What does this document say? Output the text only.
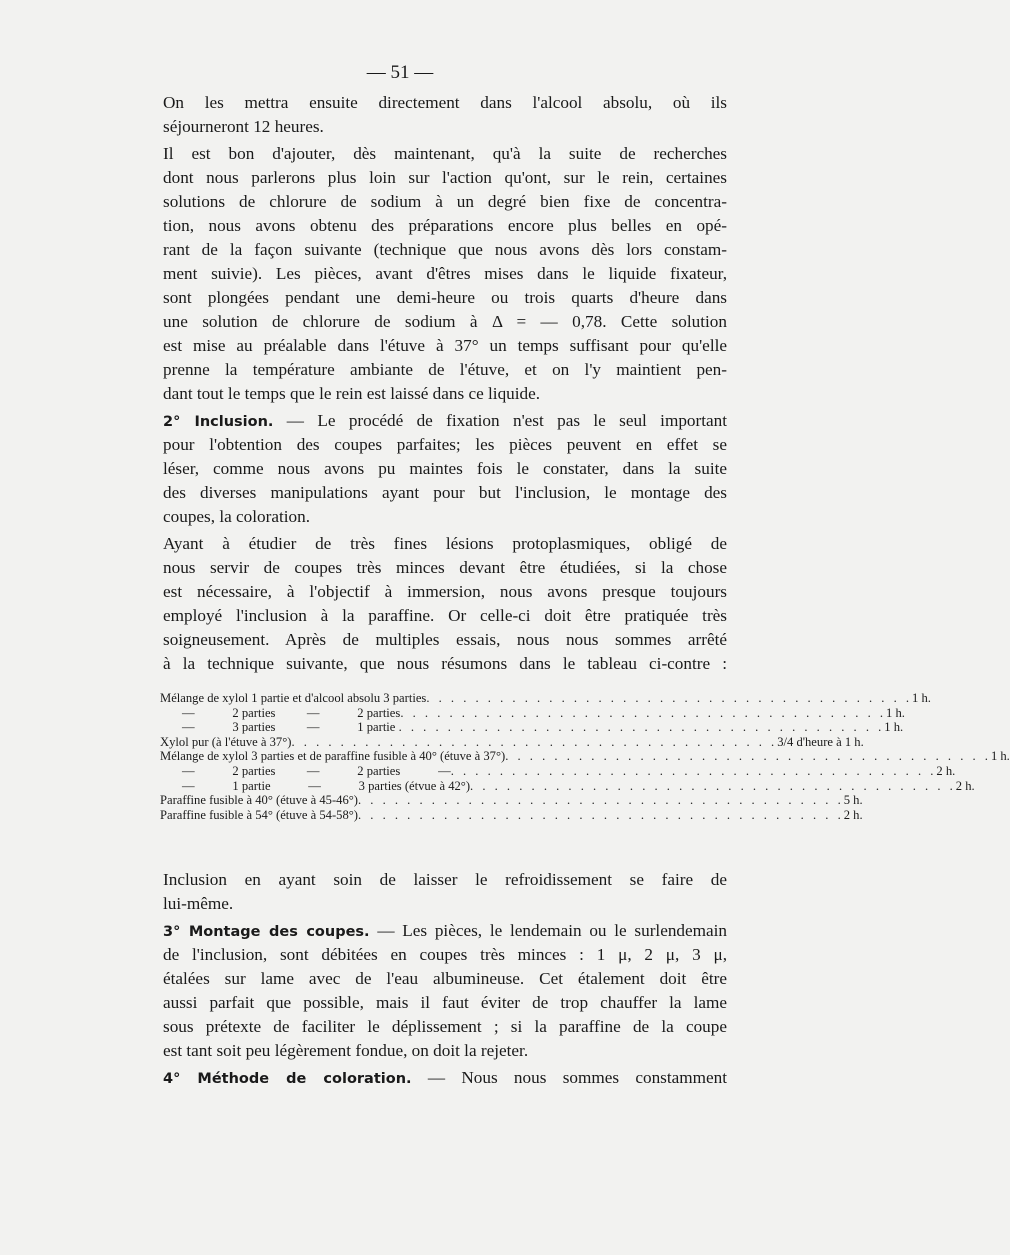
— 51 —
On les mettra ensuite directement dans l'alcool absolu, où ils
séjourneront 12 heures.
Il est bon d'ajouter, dès maintenant, qu'à la suite de recherches
dont nous parlerons plus loin sur l'action qu'ont, sur le rein, certaines
solutions de chlorure de sodium à un degré bien fixe de concentra-
tion, nous avons obtenu des préparations encore plus belles en opé-
rant de la façon suivante (technique que nous avons dès lors constam-
ment suivie). Les pièces, avant d'êtres mises dans le liquide fixateur,
sont plongées pendant une demi-heure ou trois quarts d'heure dans
une solution de chlorure de sodium à Δ = — 0,78. Cette solution
est mise au préalable dans l'étuve à 37° un temps suffisant pour qu'elle
prenne la température ambiante de l'étuve, et on l'y maintient pen-
dant tout le temps que le rein est laissé dans ce liquide.
2° Inclusion. — Le procédé de fixation n'est pas le seul important
pour l'obtention des coupes parfaites; les pièces peuvent en effet se
léser, comme nous avons pu maintes fois le constater, dans la suite
des diverses manipulations ayant pour but l'inclusion, le montage des
coupes, la coloration.
Ayant à étudier de très fines lésions protoplasmiques, obligé de
nous servir de coupes très minces devant être étudiées, si la chose
est nécessaire, à l'objectif à immersion, nous avons presque toujours
employé l'inclusion à la paraffine. Or celle-ci doit être pratiquée très
soigneusement. Après de multiples essais, nous nous sommes arrêté
à la technique suivante, que nous résumons dans le tableau ci-contre :
Mélange de xylol 1 partie et d'alcool absolu 3 parties . . . . . . . . . . . . . . . . . . . . . . . . . . . . . . . . . . . . . . . . 1 h.
—            2 parties          —            2 parties . . . . . . . . . . . . . . . . . . . . . . . . . . . . . . . . . . . . . . . . 1 h.
—            3 parties          —            1 partie . . . . . . . . . . . . . . . . . . . . . . . . . . . . . . . . . . . . . . . . 1 h.
Xylol pur (à l'étuve à 37°) . . . . . . . . . . . . . . . . . . . . . . . . . . . . . . . . . . . . . . . . 3/4 d'heure à 1 h.
Mélange de xylol 3 parties et de paraffine fusible à 40° (étuve à 37°) . . . . . . . . . . . . . . . . . . . . . . . . . . . . . . . . . . . . . . . . 1 h.
—            2 parties          —            2 parties            — . . . . . . . . . . . . . . . . . . . . . . . . . . . . . . . . . . . . . . . . 2 h.
—            1 partie            —            3 parties (étvue à 42°) . . . . . . . . . . . . . . . . . . . . . . . . . . . . . . . . . . . . . . . . 2 h.
Paraffine fusible à 40° (étuve à 45-46°) . . . . . . . . . . . . . . . . . . . . . . . . . . . . . . . . . . . . . . . . 5 h.
Paraffine fusible à 54° (étuve à 54-58°) . . . . . . . . . . . . . . . . . . . . . . . . . . . . . . . . . . . . . . . . 2 h.
Inclusion en ayant soin de laisser le refroidissement se faire de
lui-même.
3° Montage des coupes. — Les pièces, le lendemain ou le surlendemain
de l'inclusion, sont débitées en coupes très minces : 1 μ, 2 μ, 3 μ,
étalées sur lame avec de l'eau albumineuse. Cet étalement doit être
aussi parfait que possible, mais il faut éviter de trop chauffer la lame
sous prétexte de faciliter le déplissement ; si la paraffine de la coupe
est tant soit peu légèrement fondue, on doit la rejeter.
4° Méthode de coloration. — Nous nous sommes constamment
